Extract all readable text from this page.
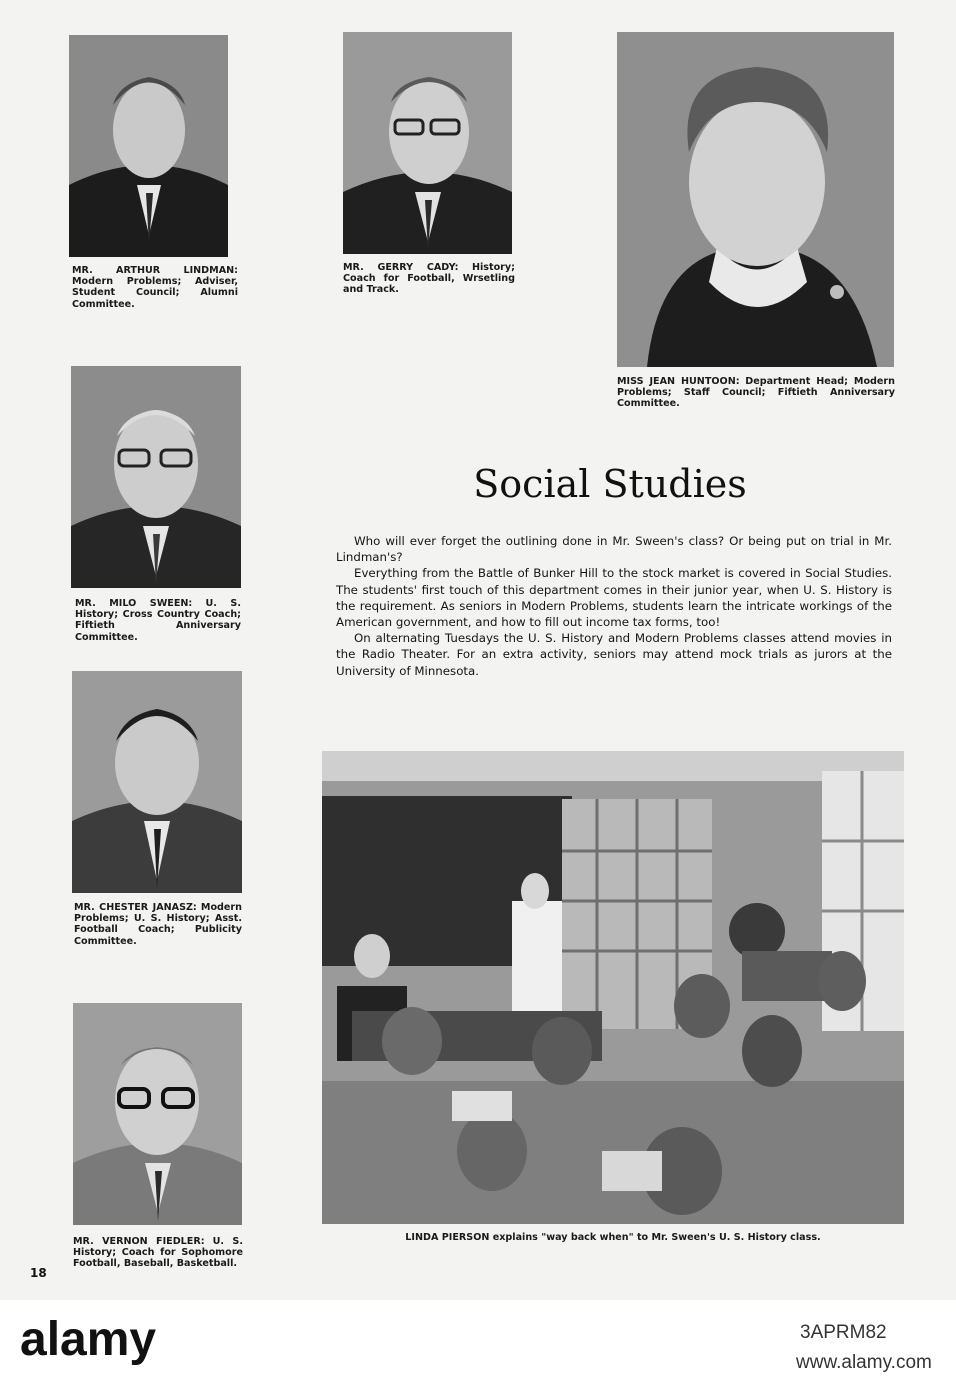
MR. ARTHUR LINDMAN: Modern Problems; Adviser, Student Council; Alumni Committee.
MR. GERRY CADY: History; Coach for Football, Wrsetling and Track.
MISS JEAN HUNTOON: Department Head; Modern Problems; Staff Council; Fiftieth Anniversary Committee.
MR. MILO SWEEN: U. S. History; Cross Country Coach; Fiftieth Anniversary Committee.
MR. CHESTER JANASZ: Modern Problems; U. S. History; Asst. Football Coach; Publicity Committee.
MR. VERNON FIEDLER: U. S. History; Coach for Sophomore Football, Baseball, Basketball.
Social Studies

Who will ever forget the outlining done in Mr. Sween's class? Or being put on trial in Mr. Lindman's?

Everything from the Battle of Bunker Hill to the stock market is covered in Social Studies. The students' first touch of this department comes in their junior year, when U. S. History is the requirement. As seniors in Modern Problems, students learn the intricate workings of the American government, and how to fill out income tax forms, too!

On alternating Tuesdays the U. S. History and Modern Problems classes attend movies in the Radio Theater. For an extra activity, seniors may attend mock trials as jurors at the University of Minnesota.

LINDA PIERSON explains "way back when" to Mr. Sween's U. S. History class.
18
alamy	3APRM82
www.alamy.com
